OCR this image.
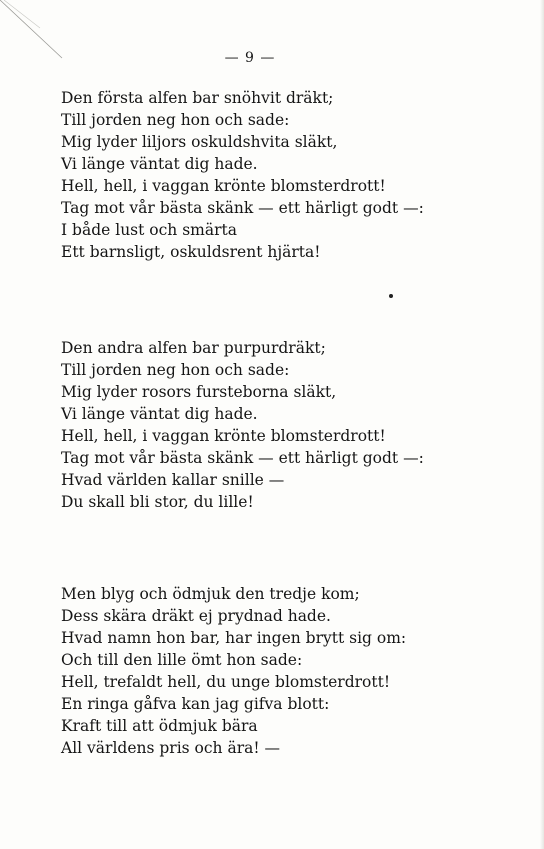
— 9 —
Den första alfen bar snöhvit dräkt;
Till jorden neg hon och sade:
Mig lyder liljors oskuldshvita släkt,
Vi länge väntat dig hade.
Hell, hell, i vaggan krönte blomsterdrott!
Tag mot vår bästa skänk — ett härligt godt —:
I både lust och smärta
Ett barnsligt, oskuldsrent hjärta!
Den andra alfen bar purpurdräkt;
Till jorden neg hon och sade:
Mig lyder rosors fursteborna släkt,
Vi länge väntat dig hade.
Hell, hell, i vaggan krönte blomsterdrott!
Tag mot vår bästa skänk — ett härligt godt —:
Hvad världen kallar snille —
Du skall bli stor, du lille!
Men blyg och ödmjuk den tredje kom;
Dess skära dräkt ej prydnad hade.
Hvad namn hon bar, har ingen brytt sig om:
Och till den lille ömt hon sade:
Hell, trefaldt hell, du unge blomsterdrott!
En ringa gåfva kan jag gifva blott:
Kraft till att ödmjuk bära
All världens pris och ära! —
